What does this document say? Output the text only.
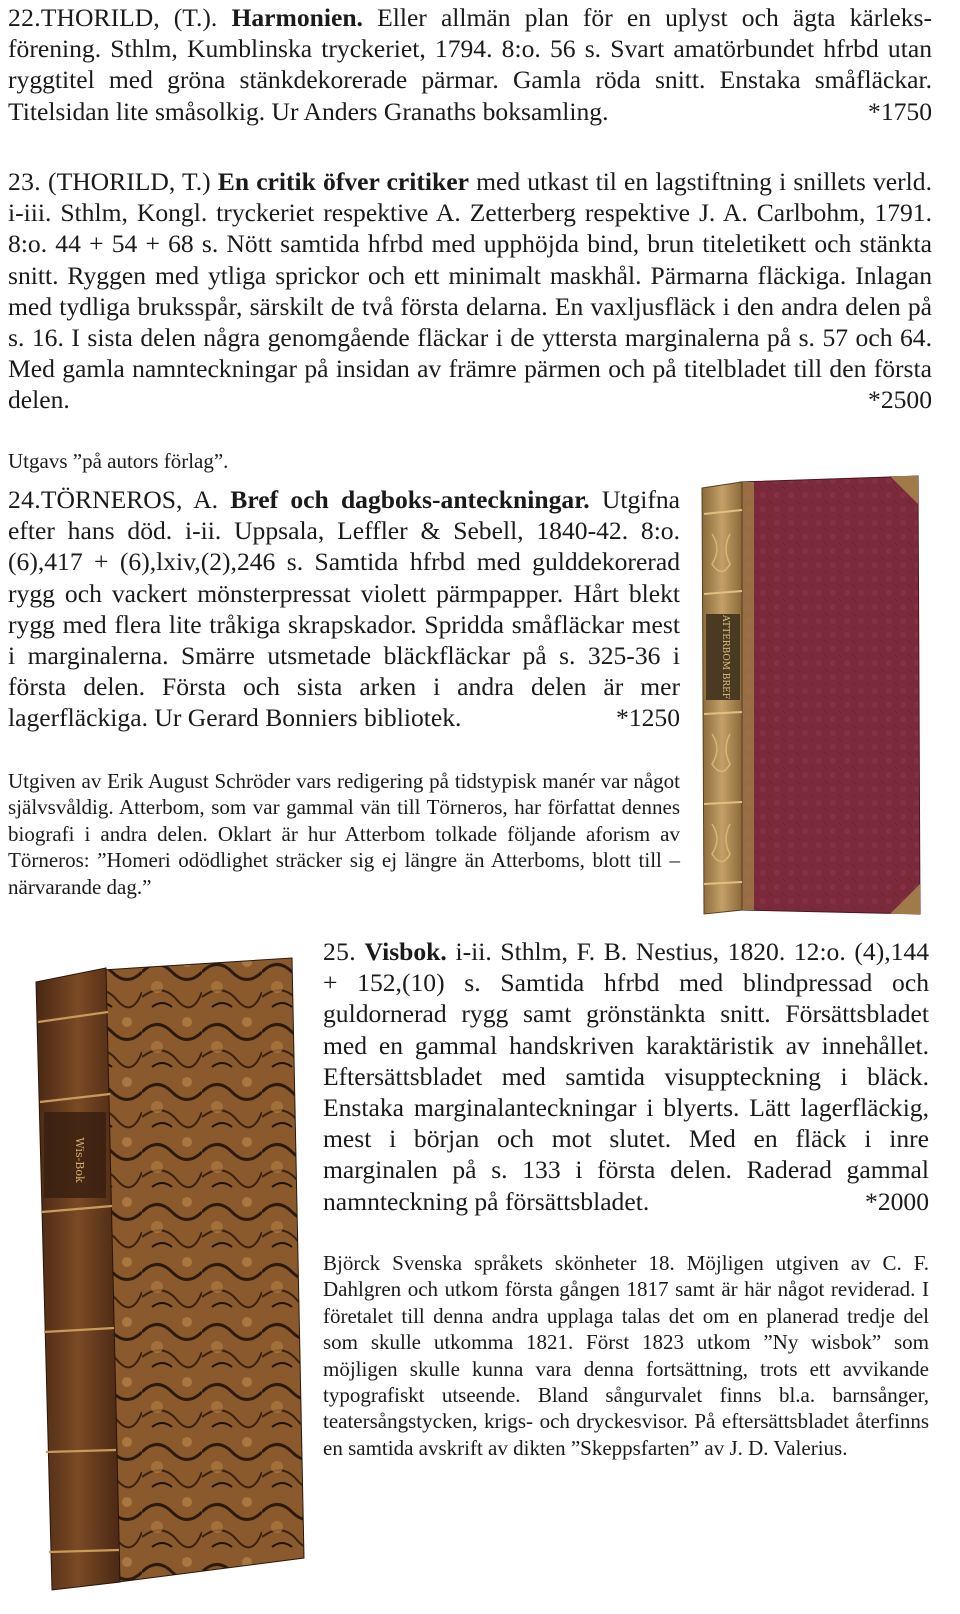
22.THORILD, (T.). Harmonien. Eller allmän plan för en uplyst och ägta kärleks-förening. Sthlm, Kumblinska tryckeriet, 1794. 8:o. 56 s. Svart amatörbundet hfrbd utan ryggtitel med gröna stänkdekorerade pärmar. Gamla röda snitt. Enstaka småfläckar. Titelsidan lite småsolkig. Ur Anders Granaths boksamling.	*1750

23. (THORILD, T.) En critik öfver critiker med utkast til en lagstiftning i snillets verld. i-iii. Sthlm, Kongl. tryckeriet respektive A. Zetterberg respektive J. A. Carlbohm, 1791. 8:o. 44 + 54 + 68 s. Nött samtida hfrbd med upphöjda bind, brun titeletikett och stänkta snitt. Ryggen med ytliga sprickor och ett minimalt maskhål. Pärmarna fläckiga. Inlagan med tydliga bruksspår, särskilt de två första delarna. En vaxljusfläck i den andra delen på s. 16. I sista delen några genomgående fläckar i de yttersta marginalerna på s. 57 och 64. Med gamla namnteckningar på insidan av främre pärmen och på titelbladet till den första delen.	*2500

Utgavs ”på autors förlag”.

24.TÖRNEROS, A. Bref och dagboks-anteckningar. Utgifna efter hans död. i-ii. Uppsala, Leffler & Sebell, 1840-42. 8:o. (6),417 + (6),lxiv,(2),246 s. Samtida hfrbd med gulddekorerad rygg och vackert mönsterpressat violett pärmpapper. Hårt blekt rygg med flera lite tråkiga skrapskador. Spridda småfläckar mest i marginalerna. Smärre utsmetade bläckfläckar på s. 325-36 i första delen. Första och sista arken i andra delen är mer lagerfläckiga. Ur Gerard Bonniers bibliotek.	*1250

Utgiven av Erik August Schröder vars redigering på tidstypisk manér var något självsvåldig. Atterbom, som var gammal vän till Törneros, har författat dennes biografi i andra delen. Oklart är hur Atterbom tolkade följande aforism av Törneros: ”Homeri odödlighet sträcker sig ej längre än Atterboms, blott till – närvarande dag.”

ATTERBOM BREF

25. Visbok. i-ii. Sthlm, F. B. Nestius, 1820. 12:o. (4),144 + 152,(10) s. Samtida hfrbd med blindpressad och guldornerad rygg samt grönstänkta snitt. Försättsbladet med en gammal handskriven karaktäristik av innehållet. Eftersättsbladet med samtida visuppteckning i bläck. Enstaka marginalanteckningar i blyerts. Lätt lagerfläckig, mest i början och mot slutet. Med en fläck i inre marginalen på s. 133 i första delen. Raderad gammal namnteckning på försättsbladet.	*2000

Björck Svenska språkets skönheter 18. Möjligen utgiven av C. F. Dahlgren och utkom första gången 1817 samt är här något reviderad. I företalet till denna andra upplaga talas det om en planerad tredje del som skulle utkomma 1821. Först 1823 utkom ”Ny wisbok” som möjligen skulle kunna vara denna fortsättning, trots ett avvikande typografiskt utseende. Bland sångurvalet finns bl.a. barnsånger, teatersångstycken, krigs- och dryckesvisor. På eftersättsbladet återfinns en samtida avskrift av dikten ”Skeppsfarten” av J. D. Valerius.

Wis-Bok
